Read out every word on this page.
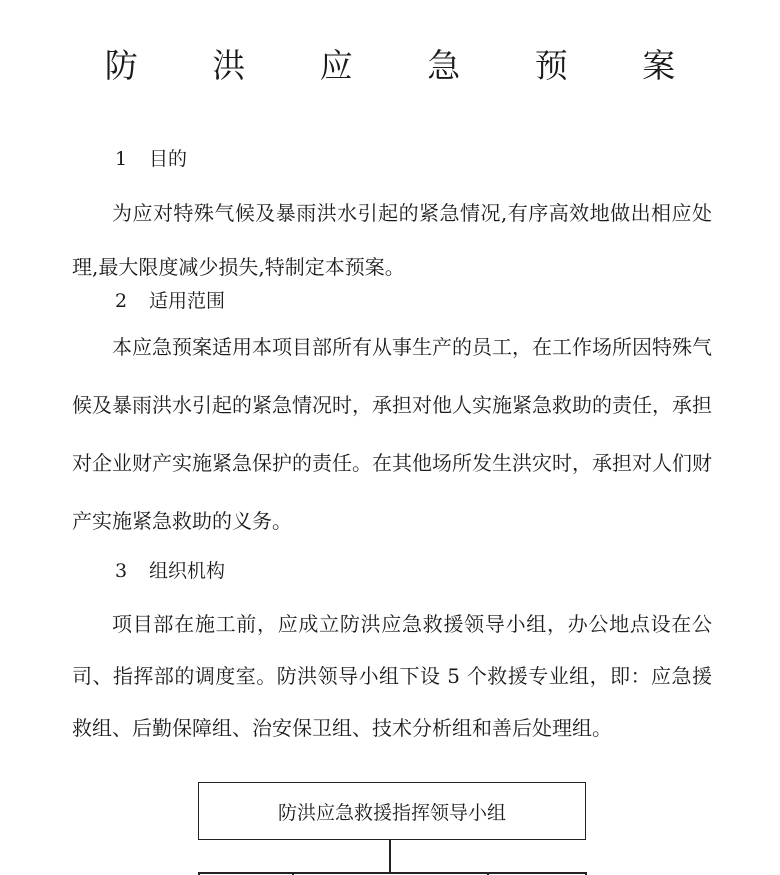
防 洪 应 急 预 案
1 目的
为应对特殊气候及暴雨洪水引起的紧急情况,有序高效地做出相应处理,最大限度减少损失,特制定本预案。
2 适用范围
本应急预案适用本项目部所有从事生产的员工，在工作场所因特殊气候及暴雨洪水引起的紧急情况时，承担对他人实施紧急救助的责任，承担对企业财产实施紧急保护的责任。在其他场所发生洪灾时，承担对人们财产实施紧急救助的义务。
3 组织机构
项目部在施工前，应成立防洪应急救援领导小组，办公地点设在公司、指挥部的调度室。防洪领导小组下设 5 个救援专业组，即：应急援救组、后勤保障组、治安保卫组、技术分析组和善后处理组。
防洪应急救援指挥领导小组
